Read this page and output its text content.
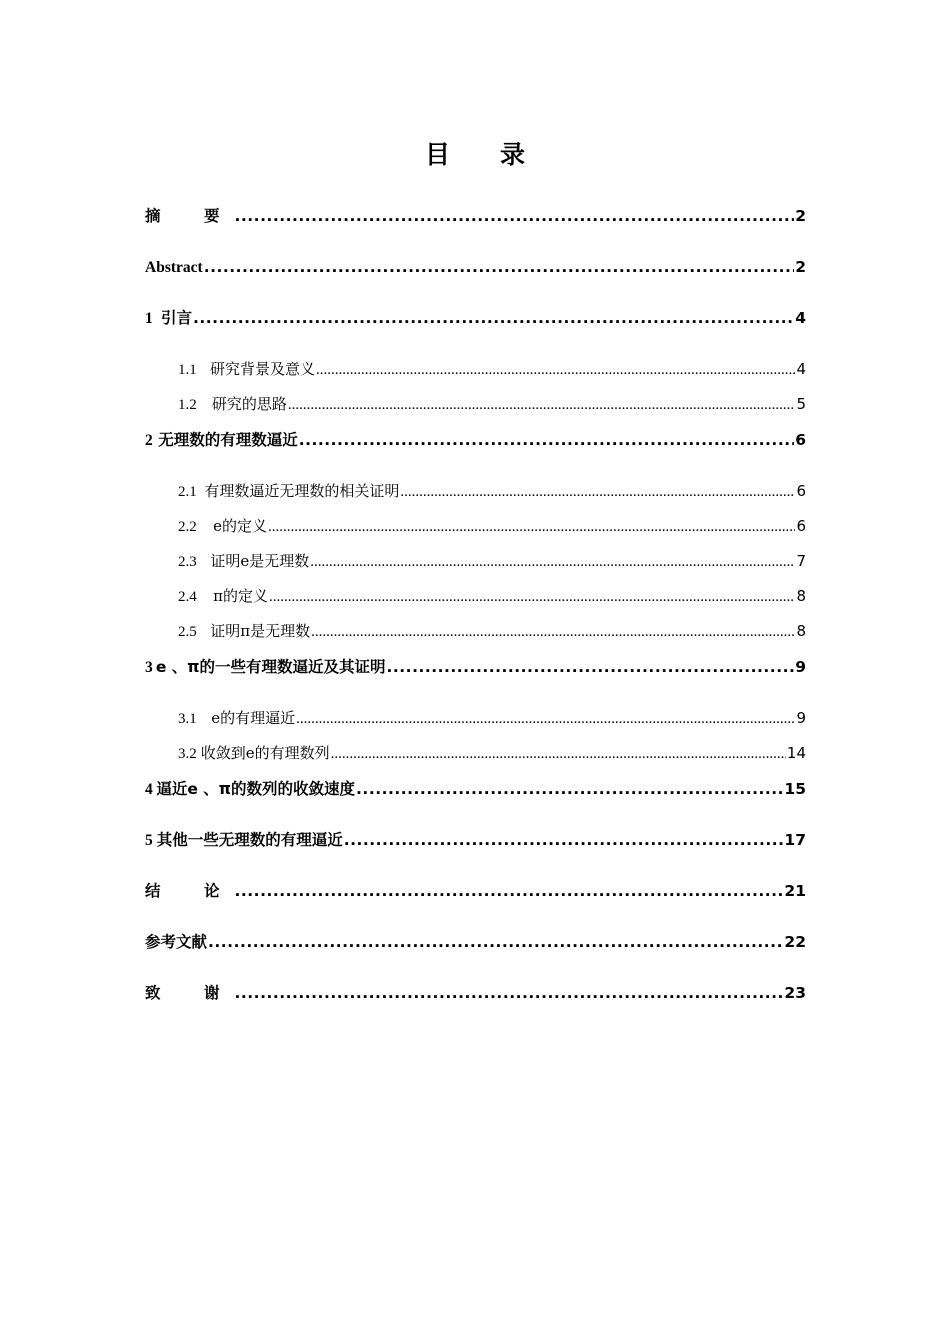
目 录
摘　要 .....	2
Abstract .....	2
1 引言 .....	4
1.1 研究背景及意义 .....	4
1.2	研究的思路 .....	5
2 无理数的有理数逼近 .....	6
2.1 有理数逼近无理数的相关证明 .....	6
2.2	e的定义 .....	6
2.3 证明e是无理数 .....	7
2.4	π的定义 .....	8
2.5 证明π是无理数 .....	8
3 e 、π的一些有理数逼近及其证明 .....	9
3.1 e的有理逼近 .....	9
3.2 收敛到e的有理数列 .....	14
4 逼近e 、π的数列的收敛速度 .....	15
5 其他一些无理数的有理逼近 .....	17
结　论 .....	21
参考文献 .....	22
致　谢 .....	23
